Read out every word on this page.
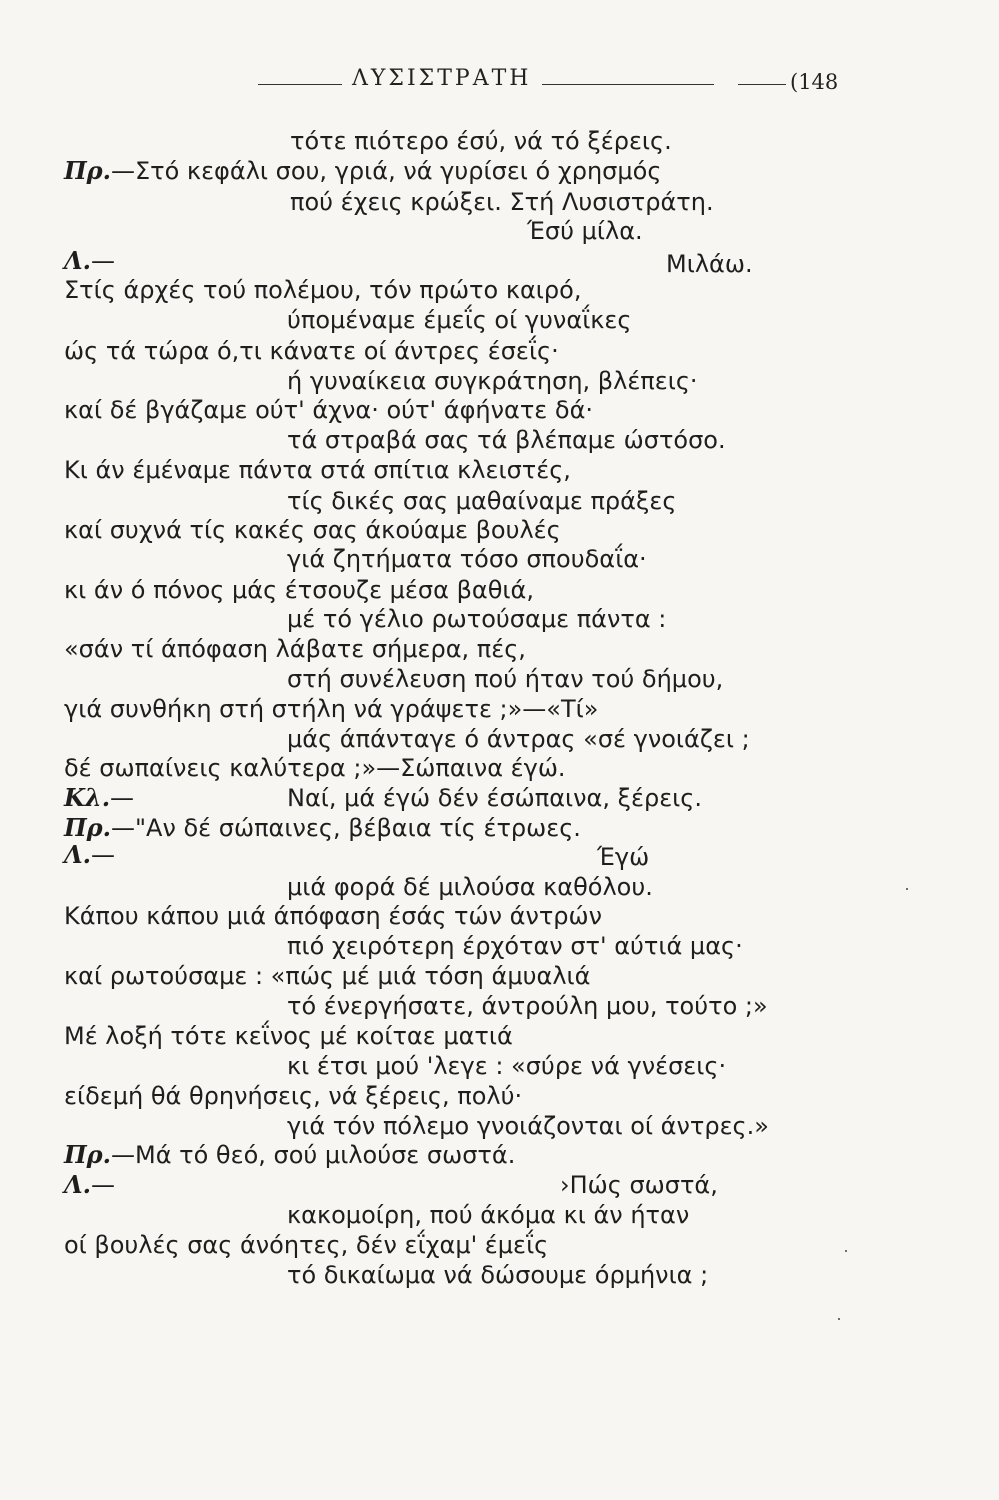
ΛΥΣΙΣΤΡΑΤΗ	(148
τότε πιότερο έσύ, νά τό ξέρεις.
Πρ.—Στό κεφάλι σου, γριά, νά γυρίσει ό χρησμός
πού έχεις κρώξει. Στή Λυσιστράτη.
Έσύ μίλα.
Λ.—	Μιλάω.
Στίς άρχές τού πολέμου, τόν πρώτο καιρό,
ύπομέναμε έμεΐς οί γυναΐκες
ώς τά τώρα ό,τι κάνατε οί άντρες έσεΐς·
ή γυναίκεια συγκράτηση, βλέπεις·
καί δέ βγάζαμε ούτ' άχνα· ούτ' άφήνατε δά·
τά στραβά σας τά βλέπαμε ώστόσο.
Κι άν έμέναμε πάντα στά σπίτια κλειστές,
τίς δικές σας μαθαίναμε πράξες
καί συχνά τίς κακές σας άκούαμε βουλές
γιά ζητήματα τόσο σπουδαΐα·
κι άν ό πόνος μάς έτσουζε μέσα βαθιά,
μέ τό γέλιο ρωτούσαμε πάντα :
«σάν τί άπόφαση λάβατε σήμερα, πές,
στή συνέλευση πού ήταν τού δήμου,
γιά συνθήκη στή στήλη νά γράψετε ;»—«Τί»
μάς άπάνταγε ό άντρας «σέ γνοιάζει ;
δέ σωπαίνεις καλύτερα ;»—Σώπαινα έγώ.
Κλ.—	Ναί, μά έγώ δέν έσώπαινα, ξέρεις.
Πρ.—"Αν δέ σώπαινες, βέβαια τίς έτρωες.
Λ.—	Έγώ
μιά φορά δέ μιλούσα καθόλου.
Κάπου κάπου μιά άπόφαση έσάς τών άντρών
πιό χειρότερη έρχόταν στ' αύτιά μας·
καί ρωτούσαμε : «πώς μέ μιά τόση άμυαλιά
τό ένεργήσατε, άντρούλη μου, τούτο ;»
Μέ λοξή τότε κεΐνος μέ κοίταε ματιά
κι έτσι μού 'λεγε : «σύρε νά γνέσεις·
είδεμή θά θρηνήσεις, νά ξέρεις, πολύ·
γιά τόν πόλεμο γνοιάζονται οί άντρες.»
Πρ.—Μά τό θεό, σού μιλούσε σωστά.
Λ.—	›Πώς σωστά,
κακομοίρη, πού άκόμα κι άν ήταν
οί βουλές σας άνόητες, δέν εΐχαμ' έμεΐς
τό δικαίωμα νά δώσουμε όρμήνια ;
